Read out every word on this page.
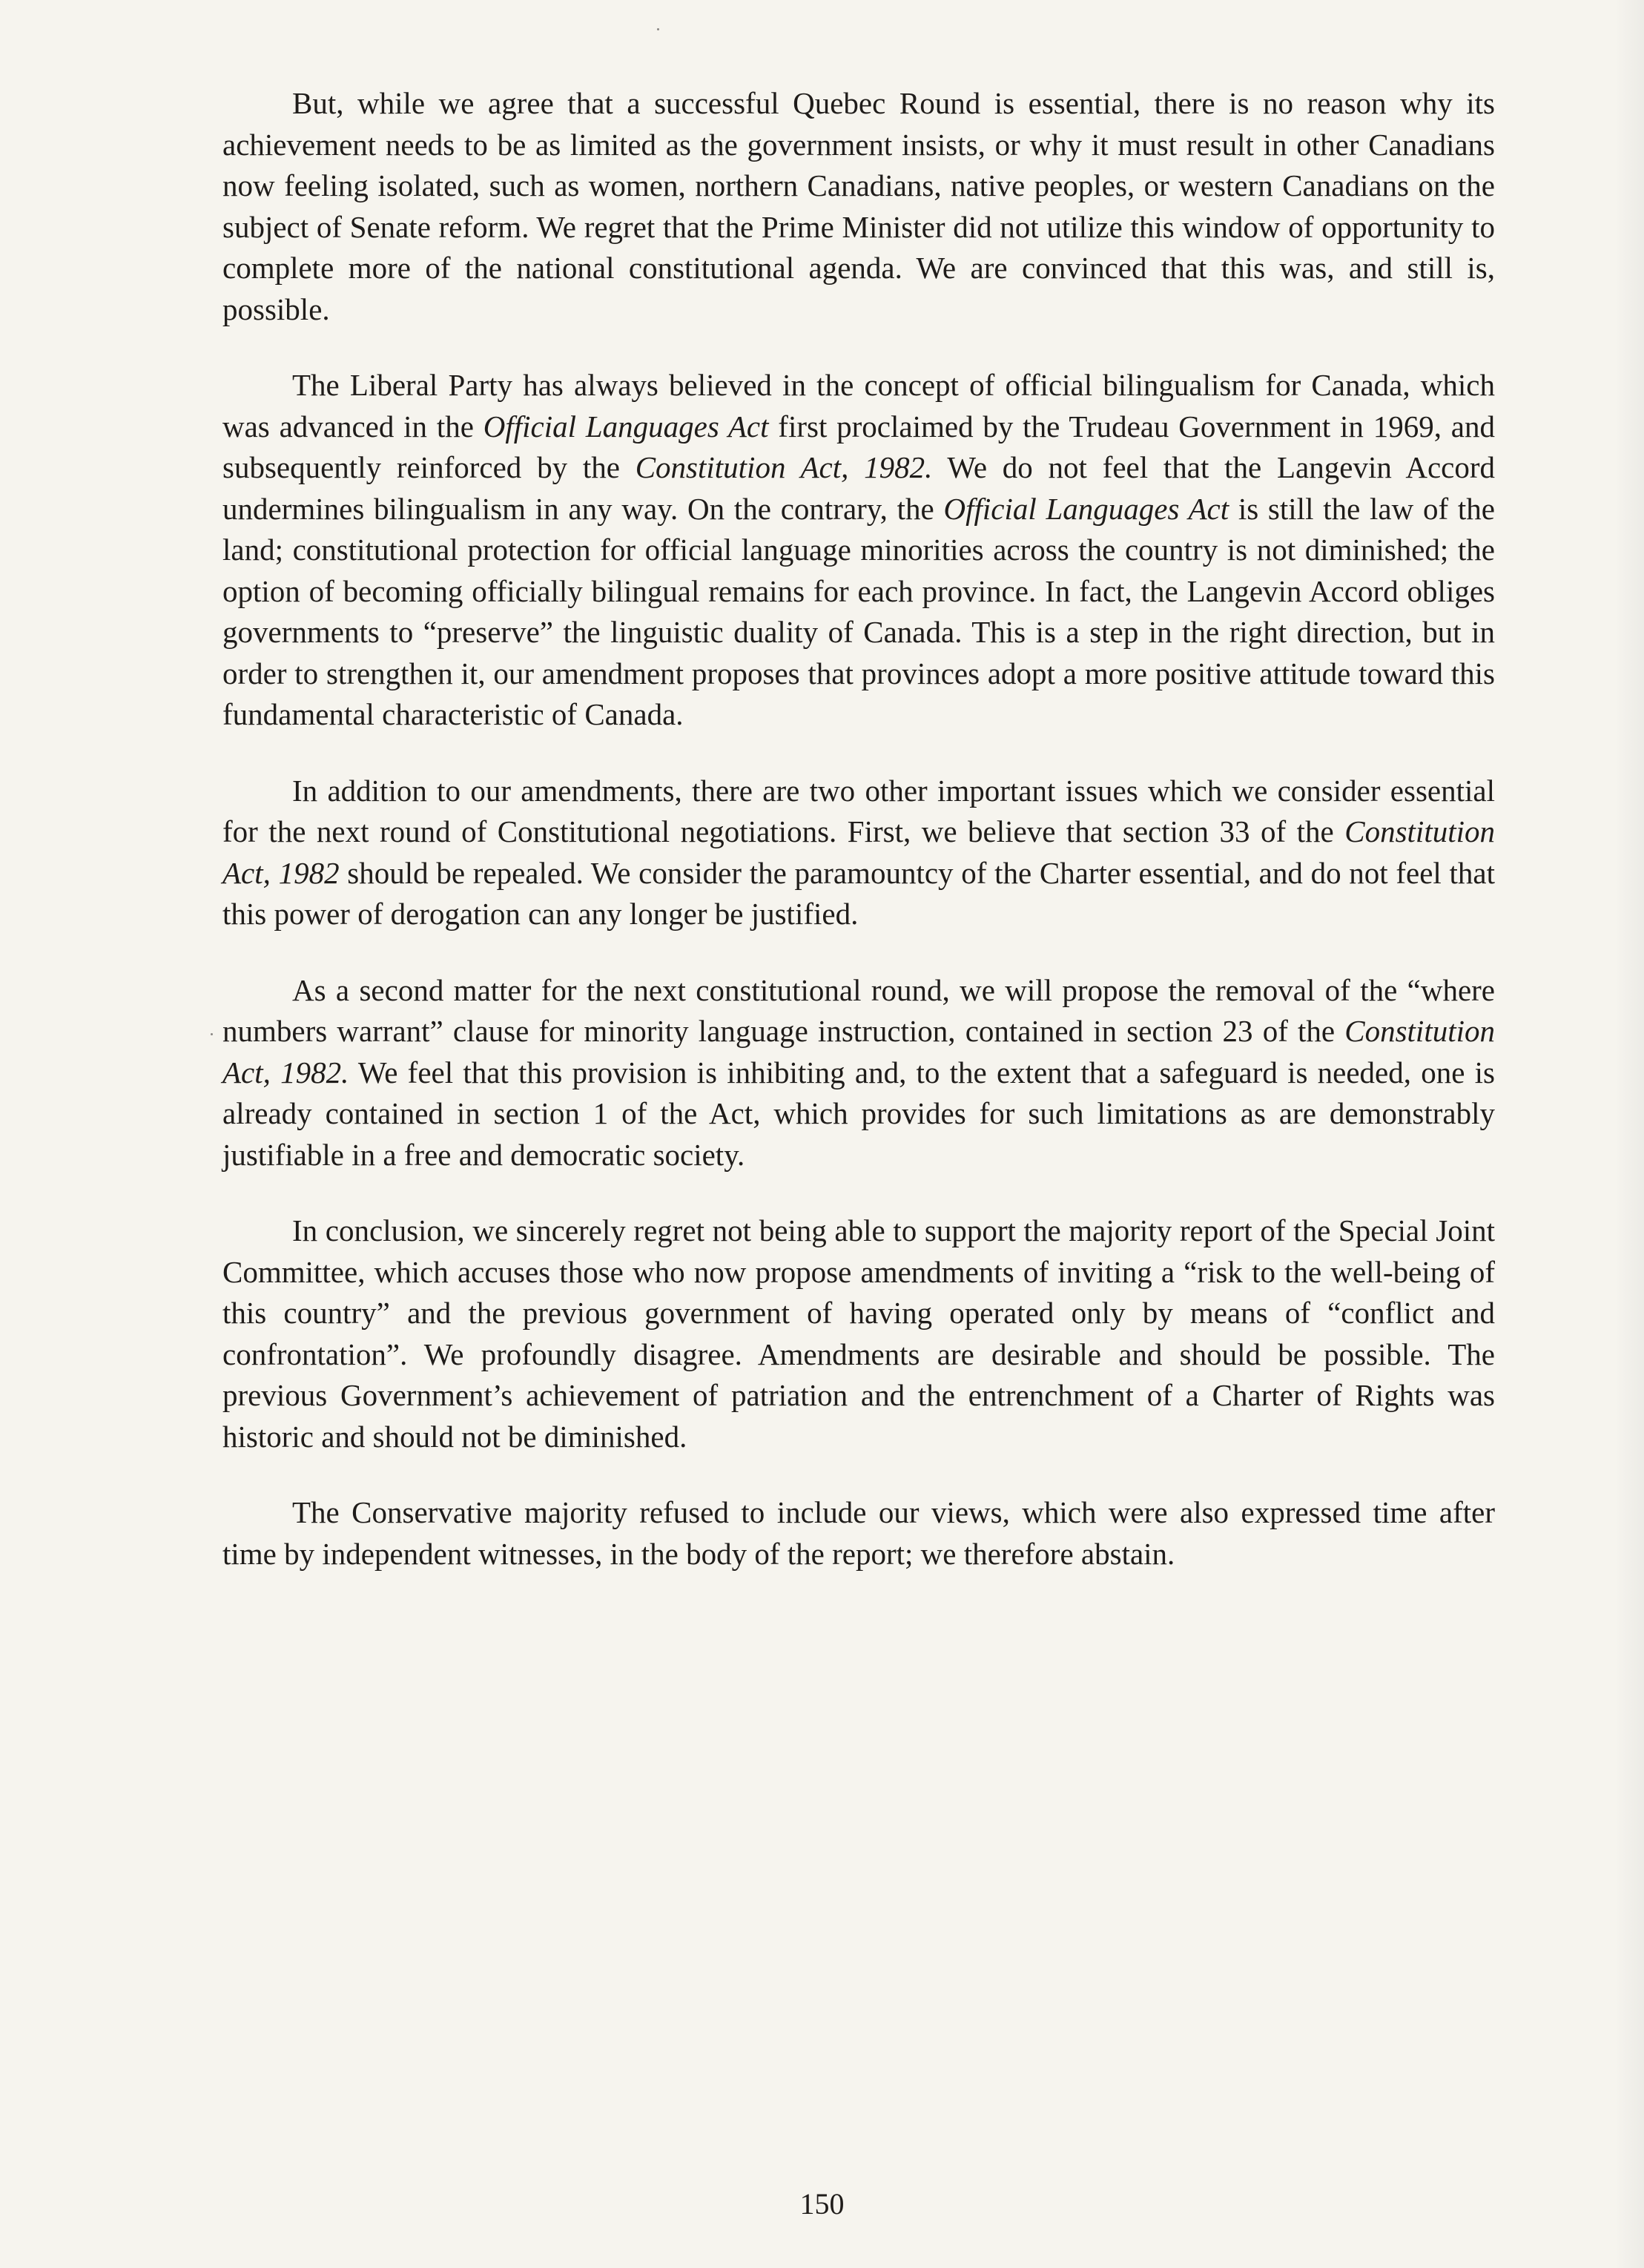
But, while we agree that a successful Quebec Round is essential, there is no reason why its achievement needs to be as limited as the government insists, or why it must result in other Canadians now feeling isolated, such as women, northern Canadians, native peoples, or western Canadians on the subject of Senate reform. We regret that the Prime Minister did not utilize this window of opportunity to complete more of the national constitutional agenda. We are convinced that this was, and still is, possible.

The Liberal Party has always believed in the concept of official bilingualism for Canada, which was advanced in the Official Languages Act first proclaimed by the Trudeau Government in 1969, and subsequently reinforced by the Constitution Act, 1982. We do not feel that the Langevin Accord undermines bilingualism in any way. On the contrary, the Official Languages Act is still the law of the land; constitutional protection for official language minorities across the country is not diminished; the option of becoming officially bilingual remains for each province. In fact, the Langevin Accord obliges governments to “preserve” the linguistic duality of Canada. This is a step in the right direction, but in order to strengthen it, our amendment proposes that provinces adopt a more positive attitude toward this fundamental characteristic of Canada.

In addition to our amendments, there are two other important issues which we consider essential for the next round of Constitutional negotiations. First, we believe that section 33 of the Constitution Act, 1982 should be repealed. We consider the paramountcy of the Charter essential, and do not feel that this power of derogation can any longer be justified.

As a second matter for the next constitutional round, we will propose the removal of the “where numbers warrant” clause for minority language instruction, contained in section 23 of the Constitution Act, 1982. We feel that this provision is inhibiting and, to the extent that a safeguard is needed, one is already contained in section 1 of the Act, which provides for such limitations as are demonstrably justifiable in a free and democratic society.

In conclusion, we sincerely regret not being able to support the majority report of the Special Joint Committee, which accuses those who now propose amendments of inviting a “risk to the well-being of this country” and the previous government of having operated only by means of “conflict and confrontation”. We profoundly disagree. Amendments are desirable and should be possible. The previous Government’s achievement of patriation and the entrenchment of a Charter of Rights was historic and should not be diminished.

The Conservative majority refused to include our views, which were also expressed time after time by independent witnesses, in the body of the report; we therefore abstain.

150
